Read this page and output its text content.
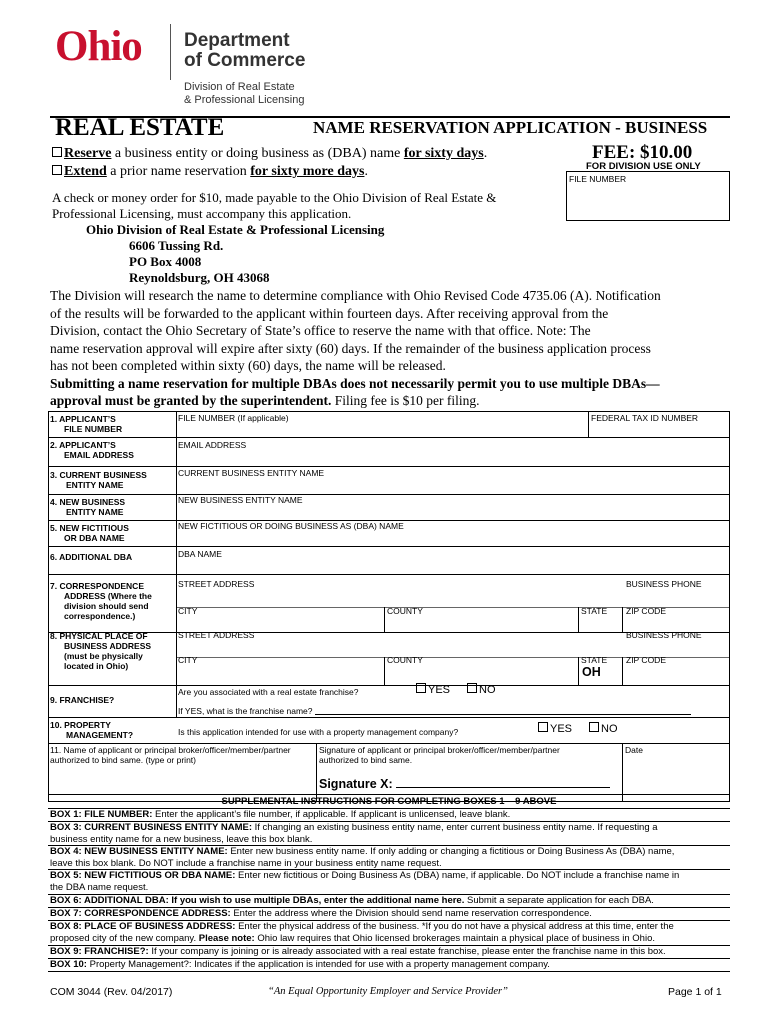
Ohio Department
of Commerce
Division of Real Estate
& Professional Licensing
REAL ESTATE	NAME RESERVATION APPLICATION - BUSINESS
FEE: $10.00
FOR DIVISION USE ONLY
FILE NUMBER
Reserve a business entity or doing business as (DBA) name for sixty days.
Extend a prior name reservation for sixty more days.
A check or money order for $10, made payable to the Ohio Division of Real Estate &
Professional Licensing, must accompany this application.
Ohio Division of Real Estate & Professional Licensing
6606 Tussing Rd.
PO Box 4008
Reynoldsburg, OH 43068
The Division will research the name to determine compliance with Ohio Revised Code 4735.06 (A). Notification
of the results will be forwarded to the applicant within fourteen days. After receiving approval from the
Division, contact the Ohio Secretary of State’s office to reserve the name with that office. Note: The
name reservation approval will expire after sixty (60) days. If the remainder of the business application process
has not been completed within sixty (60) days, the name will be released.
Submitting a name reservation for multiple DBAs does not necessarily permit you to use multiple DBAs—
approval must be granted by the superintendent. Filing fee is $10 per filing.
1. APPLICANT’S
FILE NUMBER
FILE NUMBER (If applicable)	FEDERAL TAX ID NUMBER
2. APPLICANT’S
EMAIL ADDRESS
EMAIL ADDRESS
3. CURRENT BUSINESS
ENTITY NAME
CURRENT BUSINESS ENTITY NAME
4. NEW BUSINESS
ENTITY NAME
NEW BUSINESS ENTITY NAME
5. NEW FICTITIOUS
OR DBA NAME
NEW FICTITIOUS OR DOING BUSINESS AS (DBA) NAME
6. ADDITIONAL DBA	DBA NAME
7. CORRESPONDENCE
ADDRESS (Where the
division should send
correspondence.)
STREET ADDRESS	BUSINESS PHONE
CITY	COUNTY	STATE ZIP CODE
8. PHYSICAL PLACE OF
BUSINESS ADDRESS
(must be physically
located in Ohio)
STREET ADDRESS	BUSINESS PHONE
CITY	COUNTY	STATE
OH
ZIP CODE
9. FRANCHISE?
Are you associated with a real estate franchise?	YES	NO
If YES, what is the franchise name?
10. PROPERTY
MANAGEMENT?	Is this application intended for use with a property management company?	YES	NO
11. Name of applicant or principal broker/officer/member/partner
authorized to bind same. (type or print)
Signature of applicant or principal broker/officer/member/partner
authorized to bind same.
Date
Signature X:
SUPPLEMENTAL INSTRUCTIONS FOR COMPLETING BOXES 1 – 9 ABOVE
BOX 1: FILE NUMBER: Enter the applicant’s file number, if applicable. If applicant is unlicensed, leave blank.
BOX 3: CURRENT BUSINESS ENTITY NAME: If changing an existing business entity name, enter current business entity name. If requesting a
business entity name for a new business, leave this box blank.
BOX 4: NEW BUSINESS ENTITY NAME: Enter new business entity name. If only adding or changing a fictitious or Doing Business As (DBA) name,
leave this box blank. Do NOT include a franchise name in your business entity name request.
BOX 5: NEW FICTITIOUS OR DBA NAME: Enter new fictitious or Doing Business As (DBA) name, if applicable. Do NOT include a franchise name in
the DBA name request.
BOX 6: ADDITIONAL DBA: If you wish to use multiple DBAs, enter the additional name here. Submit a separate application for each DBA.
BOX 7: CORRESPONDENCE ADDRESS: Enter the address where the Division should send name reservation correspondence.
BOX 8: PLACE OF BUSINESS ADDRESS: Enter the physical address of the business. *If you do not have a physical address at this time, enter the
proposed city of the new company. Please note: Ohio law requires that Ohio licensed brokerages maintain a physical place of business in Ohio.
BOX 9: FRANCHISE?: If your company is joining or is already associated with a real estate franchise, please enter the franchise name in this box.
BOX 10: Property Management?: Indicates if the application is intended for use with a property management company.
COM 3044 (Rev. 04/2017)	“An Equal Opportunity Employer and Service Provider”	Page 1 of 1
